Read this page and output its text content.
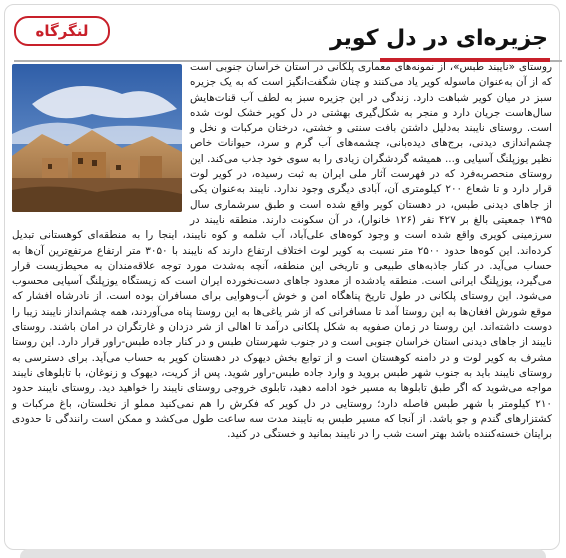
لنگرگاه	جزیره‌ای در دل کویر
روستای «نایبند طبس»، از نمونه‌های معماری پلکانی در استان خراسان جنوبی است که از آن به‌عنوان ماسوله کویر یاد می‌کنند و چنان شگفت‌انگیز است که به یک جزیره سبز در میان کویر شباهت دارد. زندگی در این جزیره سبز به لطف آب قنات‌هایش سال‌هاست جریان دارد و منجر به شکل‌گیری بهشتی در دل کویر خشک لوت شده است. روستای نایبند به‌دلیل داشتن بافت سنتی و خشتی، درختان مرکبات و نخل و چشم‌اندازی دیدنی، برج‌های دیده‌بانی، چشمه‌های آب گرم و سرد، حیوانات خاص نظیر یوزپلنگ آسیایی و... همیشه گردشگران زیادی را به سوی خود جذب می‌کند. این روستای منحصربه‌فرد که در فهرست آثار ملی ایران به ثبت رسیده، در کویر لوت قرار دارد و تا شعاع ۲۰۰ کیلومتری آن، آبادی دیگری وجود ندارد. نایبند به‌عنوان یکی از جاهای دیدنی طبس، در دهستان کویر واقع شده است و طبق سرشماری سال ۱۳۹۵ جمعیتی بالغ بر ۴۲۷ نفر (۱۲۶ خانوار)، در آن سکونت دارند. منطقه نایبند در سرزمینی کویری واقع شده است و وجود کوه‌های علی‌آباد، آب شلمه و کوه نایبند، اینجا را به منطقه‌ای کوهستانی تبدیل کرده‌اند. این کوه‌ها حدود ۲۵۰۰ متر نسبت به کویر لوت اختلاف ارتفاع دارند که نایبند با ۳۰۵۰ متر ارتفاع مرتفع‌ترین آن‌ها به حساب می‌آید. در کنار جاذبه‌های طبیعی و تاریخی این منطقه، آنچه به‌شدت مورد توجه علاقه‌مندان به محیط‌زیست قرار می‌گیرد، یوزپلنگ ایرانی است. منطقه یادشده از معدود جاهای دست‌نخورده ایران است که زیستگاه یوزپلنگ آسیایی محسوب می‌شود. این روستای پلکانی در طول تاریخ پناهگاه امن و خوش آب‌وهوایی برای مسافران بوده است. از نادرشاه افشار که موقع شورش افغان‌ها به این روستا آمد تا مسافرانی که از شر یاغی‌ها به این روستا پناه می‌آوردند، همه چشم‌انداز نایبند زیبا را دوست داشته‌اند. این روستا در زمان صفویه به شکل پلکانی درآمد تا اهالی از شر دزدان و غارتگران در امان باشند. روستای نایبند از جاهای دیدنی استان خراسان جنوبی است و در جنوب شهرستان طبس و در کنار جاده طبس-راور قرار دارد. این روستا مشرف به کویر لوت و در دامنه کوهستان است و از توابع بخش دیهوک در دهستان کویر به حساب می‌آید. برای دسترسی به روستای نایبند باید به جنوب شهر طبس بروید و وارد جاده طبس-راور شوید. پس از کریت، دیهوک و زنوغان، با تابلوهای نایبند مواجه می‌شوید که اگر طبق تابلوها به مسیر خود ادامه دهید، تابلوی خروجی روستای نایبند را خواهید دید. روستای نایبند حدود ۲۱۰ کیلومتر با شهر طبس فاصله دارد؛ روستایی در دل کویر که فکرش را هم نمی‌کنید مملو از نخلستان، باغ مرکبات و کشتزارهای گندم و جو باشد. از آنجا که مسیر طبس به نایبند مدت سه ساعت طول می‌کشد و ممکن است رانندگی تا حدودی برایتان خسته‌کننده باشد بهتر است شب را در نایبند بمانید و خستگی در کنید.
